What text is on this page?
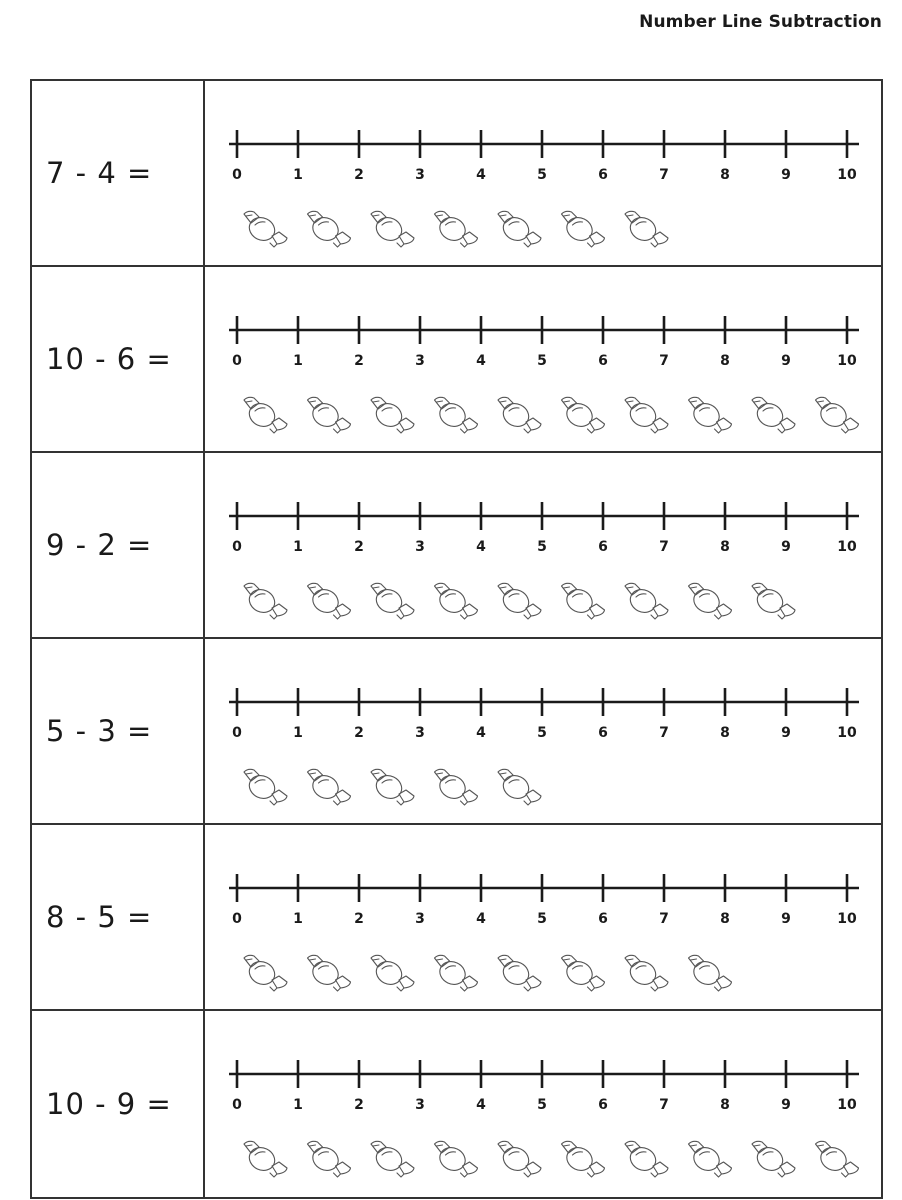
Number Line Subtraction
7 - 4 =	0	1	2	3	4	5	6	7	8	9	10
10 - 6 =	0	1	2	3	4	5	6	7	8	9	10
9 - 2 =	0	1	2	3	4	5	6	7	8	9	10
5 - 3 =	0	1	2	3	4	5	6	7	8	9	10
8 - 5 =	0	1	2	3	4	5	6	7	8	9	10
10 - 9 =	0	1	2	3	4	5	6	7	8	9	10
